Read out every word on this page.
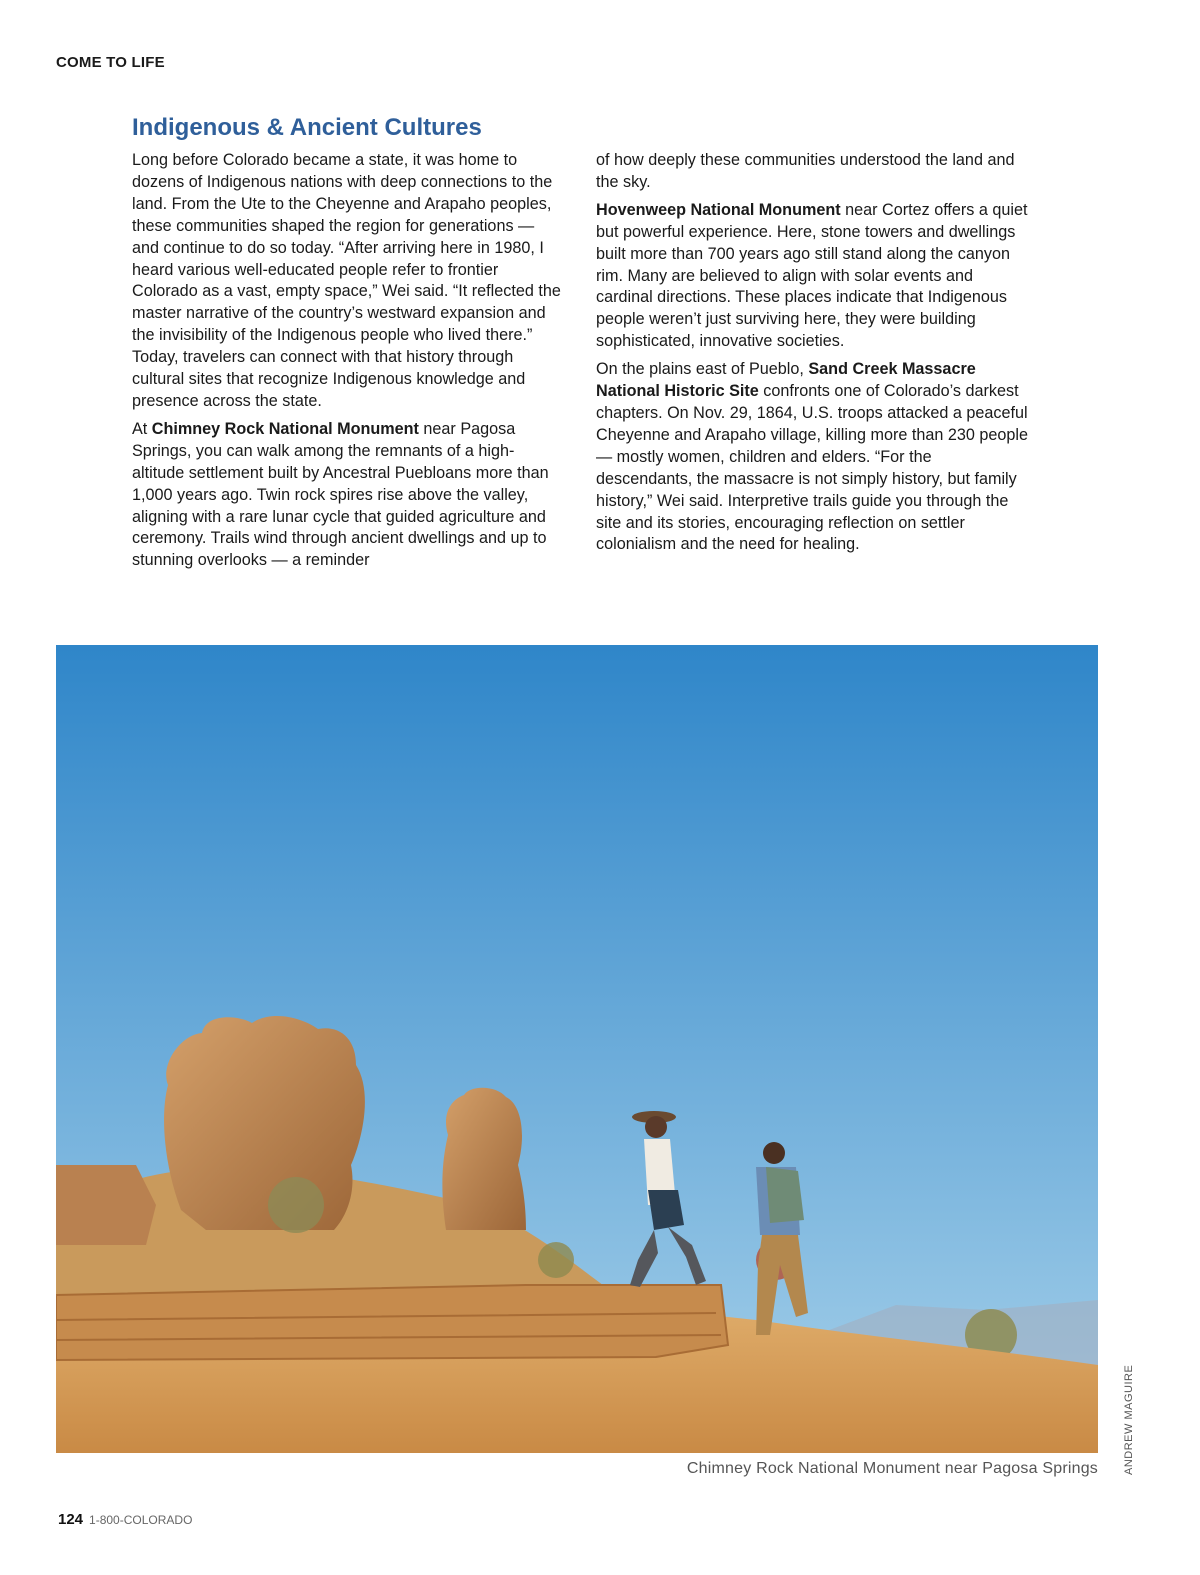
COME TO LIFE
Indigenous & Ancient Cultures

Long before Colorado became a state, it was home to dozens of Indigenous nations with deep connections to the land. From the Ute to the Cheyenne and Arapaho peoples, these communities shaped the region for generations — and continue to do so today. “After arriving here in 1980, I heard various well-educated people refer to frontier Colorado as a vast, empty space,” Wei said. “It reflected the master narrative of the country’s westward expansion and the invisibility of the Indigenous people who lived there.” Today, travelers can connect with that history through cultural sites that recognize Indigenous knowledge and presence across the state.

At Chimney Rock National Monument near Pagosa Springs, you can walk among the remnants of a high-altitude settlement built by Ancestral Puebloans more than 1,000 years ago. Twin rock spires rise above the valley, aligning with a rare lunar cycle that guided agriculture and ceremony. Trails wind through ancient dwellings and up to stunning overlooks — a reminder

of how deeply these communities understood the land and the sky.

Hovenweep National Monument near Cortez offers a quiet but powerful experience. Here, stone towers and dwellings built more than 700 years ago still stand along the canyon rim. Many are believed to align with solar events and cardinal directions. These places indicate that Indigenous people weren’t just surviving here, they were building sophisticated, innovative societies.

On the plains east of Pueblo, Sand Creek Massacre National Historic Site confronts one of Colorado’s darkest chapters. On Nov. 29, 1864, U.S. troops attacked a peaceful Cheyenne and Arapaho village, killing more than 230 people — mostly women, children and elders. “For the descendants, the massacre is not simply history, but family history,” Wei said. Interpretive trails guide you through the site and its stories, encouraging reflection on settler colonialism and the need for healing.

ANDREW MAGUIRE
Chimney Rock National Monument near Pagosa Springs
124 1-800-COLORADO
